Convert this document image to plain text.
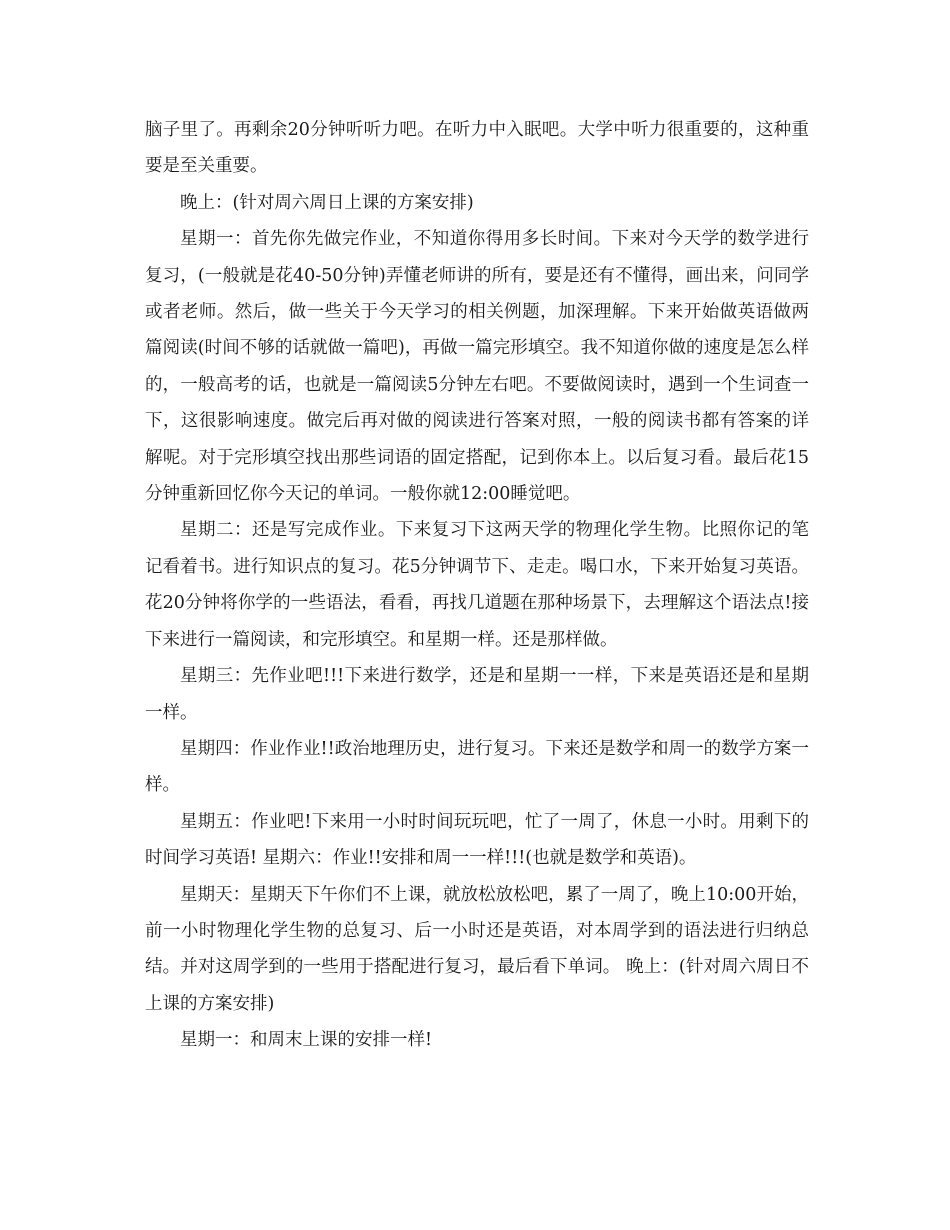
脑子里了。再剩余20分钟听听力吧。在听力中入眠吧。大学中听力很重要的，这种重要是至关重要。

晚上：(针对周六周日上课的方案安排)

星期一：首先你先做完作业，不知道你得用多长时间。下来对今天学的数学进行复习，(一般就是花40-50分钟)弄懂老师讲的所有，要是还有不懂得，画出来，问同学或者老师。然后，做一些关于今天学习的相关例题，加深理解。下来开始做英语做两篇阅读(时间不够的话就做一篇吧)，再做一篇完形填空。我不知道你做的速度是怎么样的，一般高考的话，也就是一篇阅读5分钟左右吧。不要做阅读时，遇到一个生词查一下，这很影响速度。做完后再对做的阅读进行答案对照，一般的阅读书都有答案的详解呢。对于完形填空找出那些词语的固定搭配，记到你本上。以后复习看。最后花15分钟重新回忆你今天记的单词。一般你就12:00睡觉吧。

星期二：还是写完成作业。下来复习下这两天学的物理化学生物。比照你记的笔记看着书。进行知识点的复习。花5分钟调节下、走走。喝口水，下来开始复习英语。花20分钟将你学的一些语法，看看，再找几道题在那种场景下，去理解这个语法点!接下来进行一篇阅读，和完形填空。和星期一样。还是那样做。

星期三：先作业吧!!!下来进行数学，还是和星期一一样，下来是英语还是和星期一样。

星期四：作业作业!!政治地理历史，进行复习。下来还是数学和周一的数学方案一样。

星期五：作业吧!下来用一小时时间玩玩吧，忙了一周了，休息一小时。用剩下的时间学习英语! 星期六：作业!!安排和周一一样!!!(也就是数学和英语)。

星期天：星期天下午你们不上课，就放松放松吧，累了一周了，晚上10:00开始，前一小时物理化学生物的总复习、后一小时还是英语，对本周学到的语法进行归纳总结。并对这周学到的一些用于搭配进行复习，最后看下单词。 晚上：(针对周六周日不上课的方案安排)

星期一：和周末上课的安排一样!
